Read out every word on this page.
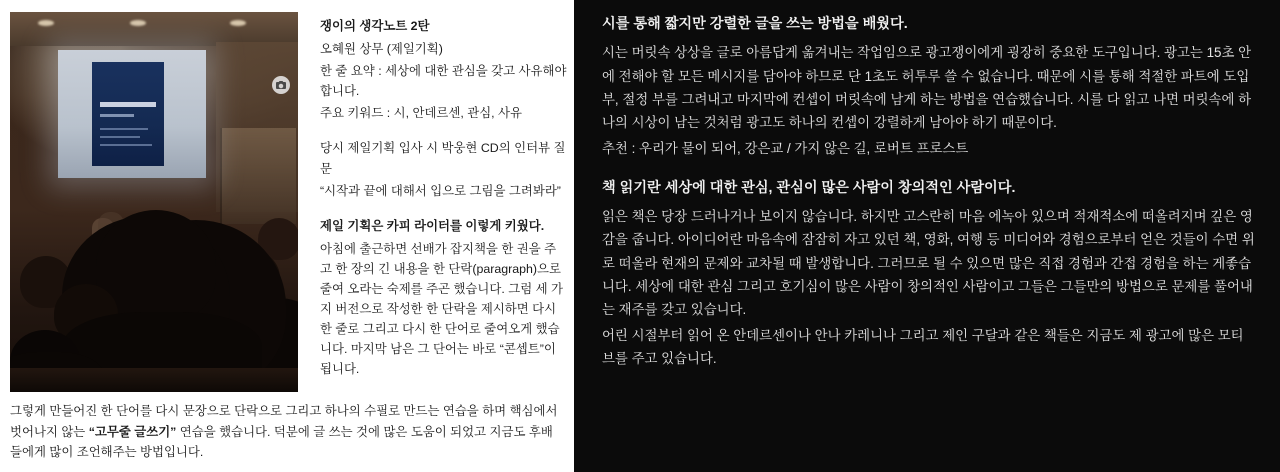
쟁이의 생각노트 2탄

오혜원 상무 (제일기획)

한 줄 요약 : 세상에 대한 관심을 갖고 사유해야 합니다.

주요 키워드 : 시, 안데르센, 관심, 사유

당시 제일기획 입사 시 박웅현 CD의 인터뷰 질문

“시작과 끝에 대해서 입으로 그림을 그려봐라”

제일 기획은 카피 라이터를 이렇게 키웠다.

아침에 출근하면 선배가 잡지책을 한 권을 주고 한 장의 긴 내용을 한 단락(paragraph)으로 줄여 오라는 숙제를 주곤 했습니다. 그럼 세 가지 버전으로 작성한 한 단락을 제시하면 다시 한 줄로 그리고 다시 한 단어로 줄여오게 했습니다. 마지막 남은 그 단어는 바로 “콘셉트”이 됩니다.

그렇게 만들어진 한 단어를 다시 문장으로 단락으로 그리고 하나의 수필로 만드는 연습을 하며 핵심에서 벗어나지 않는 “고무줄 글쓰기” 연습을 했습니다. 덕분에 글 쓰는 것에 많은 도움이 되었고 지금도 후배들에게 많이 조언해주는 방법입니다.

시를 통해 짧지만 강렬한 글을 쓰는 방법을 배웠다.

시는 머릿속 상상을 글로 아름답게 옮겨내는 작업임으로 광고쟁이에게 굉장히 중요한 도구입니다. 광고는 15초 안에 전해야 할 모든 메시지를 담아야 하므로 단 1초도 허투루 쓸 수 없습니다. 때문에 시를 통해 적절한 파트에 도입부, 절정 부를 그려내고 마지막에 컨셉이 머릿속에 남게 하는 방법을 연습했습니다. 시를 다 읽고 나면 머릿속에 하나의 시상이 남는 것처럼 광고도 하나의 컨셉이 강렬하게 남아야 하기 때문이다.

추천 : 우리가 물이 되어, 강은교 / 가지 않은 길, 로버트 프로스트

책 읽기란 세상에 대한 관심, 관심이 많은 사람이 창의적인 사람이다.

읽은 책은 당장 드러나거나 보이지 않습니다. 하지만 고스란히 마음 에녹아 있으며 적재적소에 떠올려지며 깊은 영감을 줍니다. 아이디어란 마음속에 잠잠히 자고 있던 책, 영화, 여행 등 미디어와 경험으로부터 얻은 것들이 수면 위로 떠올라 현재의 문제와 교차될 때 발생합니다. 그러므로 될 수 있으면 많은 직접 경험과 간접 경험을 하는 게좋습니다. 세상에 대한 관심 그리고 호기심이 많은 사람이 창의적인 사람이고 그들은 그들만의 방법으로 문제를 풀어내는 재주를 갖고 있습니다.

어린 시절부터 읽어 온 안데르센이나 안나 카레니나 그리고 제인 구달과 같은 책들은 지금도 제 광고에 많은 모티브를 주고 있습니다.
